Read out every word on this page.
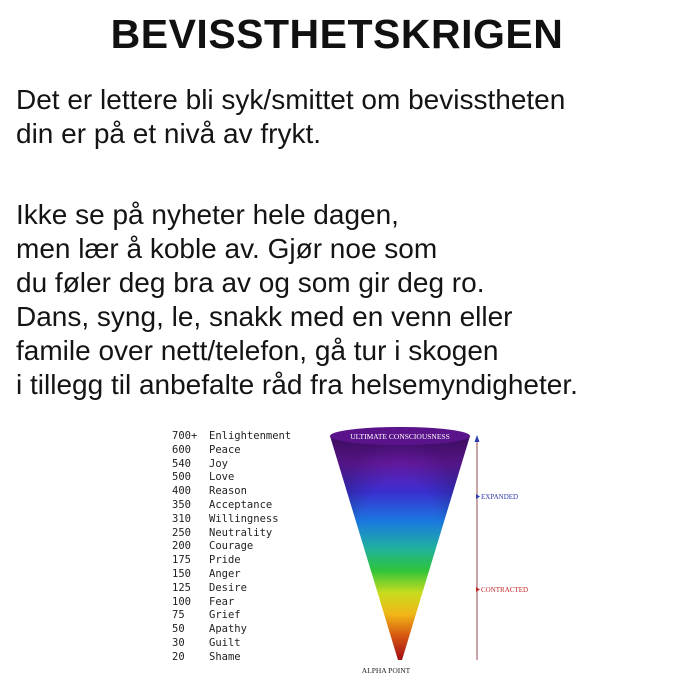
BEVISSTHETSKRIGEN
Det er lettere bli syk/smittet om bevisstheten
din er på et nivå av frykt.
Ikke se på nyheter hele dagen,
men lær å koble av. Gjør noe som
du føler deg bra av og som gir deg ro.
Dans, syng, le, snakk med en venn eller
famile over nett/telefon, gå tur i skogen
i tillegg til anbefalte råd fra helsemyndigheter.
700+	Enlightenment
600	Peace
540	Joy
500	Love
400	Reason
350	Acceptance
310	Willingness
250	Neutrality
200	Courage
175	Pride
150	Anger
125	Desire
100	Fear
75	Grief
50	Apathy
30	Guilt
20	Shame
ULTIMATE CONSCIOUSNESS
EXPANDED
CONTRACTED
ALPHA POINT
